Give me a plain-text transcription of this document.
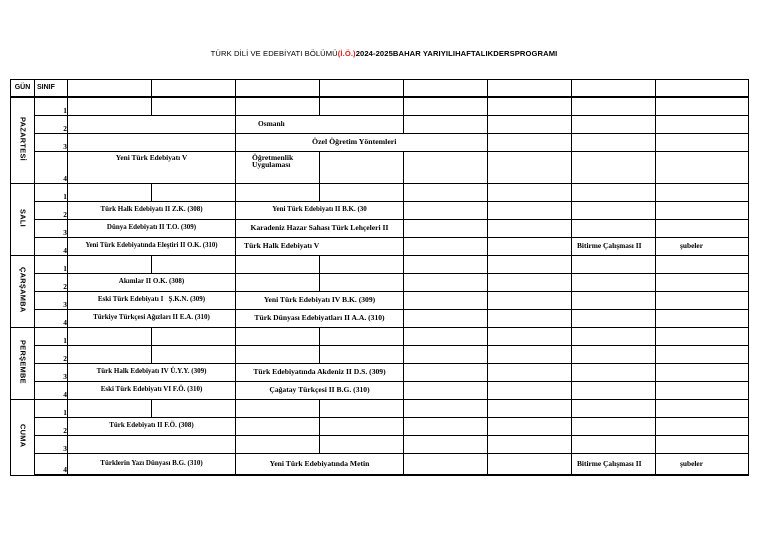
TÜRK DİLİ VE EDEBİYATI BÖLÜMÜ(İ.Ö.)2024-2025BAHAR YARIYILIHAFTALIKDERSPROGRAMI
GÜN	SINIF								
PAZARTESİ	1								
	2			Osmanlı					
	3			Özel Öğretim Yöntemleri					
	4	Yeni Türk Edebiyatı V		Öğretmenlik Uygulaması					
SALI	1								
	2	Türk Halk Edebiyatı II Z.K. (308)		Yeni Türk Edebiyatı II B.K. (30					
	3	Dünya Edebiyatı II T.O. (309)		Karadeniz Hazar Sahası Türk Lehçeleri II					
	4	Yeni Türk Edebiyatında Eleştiri II O.K. (310)		Türk Halk Edebiyatı V				Bitirme Çalışması II	şubeler
ÇARŞAMBA	1								
	2	Akımlar II O.K. (308)							
	3	Eski Türk Edebiyatı I   Ş.K.N. (309)		Yeni Türk Edebiyatı IV B.K. (309)					
	4	Türkiye Türkçesi Ağızları II E.A. (310)		Türk Dünyası Edebiyatları II A.A. (310)					
PERŞEMBE	1								
	2								
	3	Türk Halk Edebiyatı IV Ü.Y.Y. (309)		Türk Edebiyatında Akdeniz II D.S. (309)					
	4	Eski Türk Edebiyatı VI F.Ö. (310)		Çağatay Türkçesi II B.G. (310)					
CUMA	1								
	2	Türk Edebiyatı II F.Ö. (308)							
	3								
	4	Türklerin Yazı Dünyası B.G. (310)		Yeni Türk Edebiyatında Metin				Bitirme Çalışması II	şubeler
